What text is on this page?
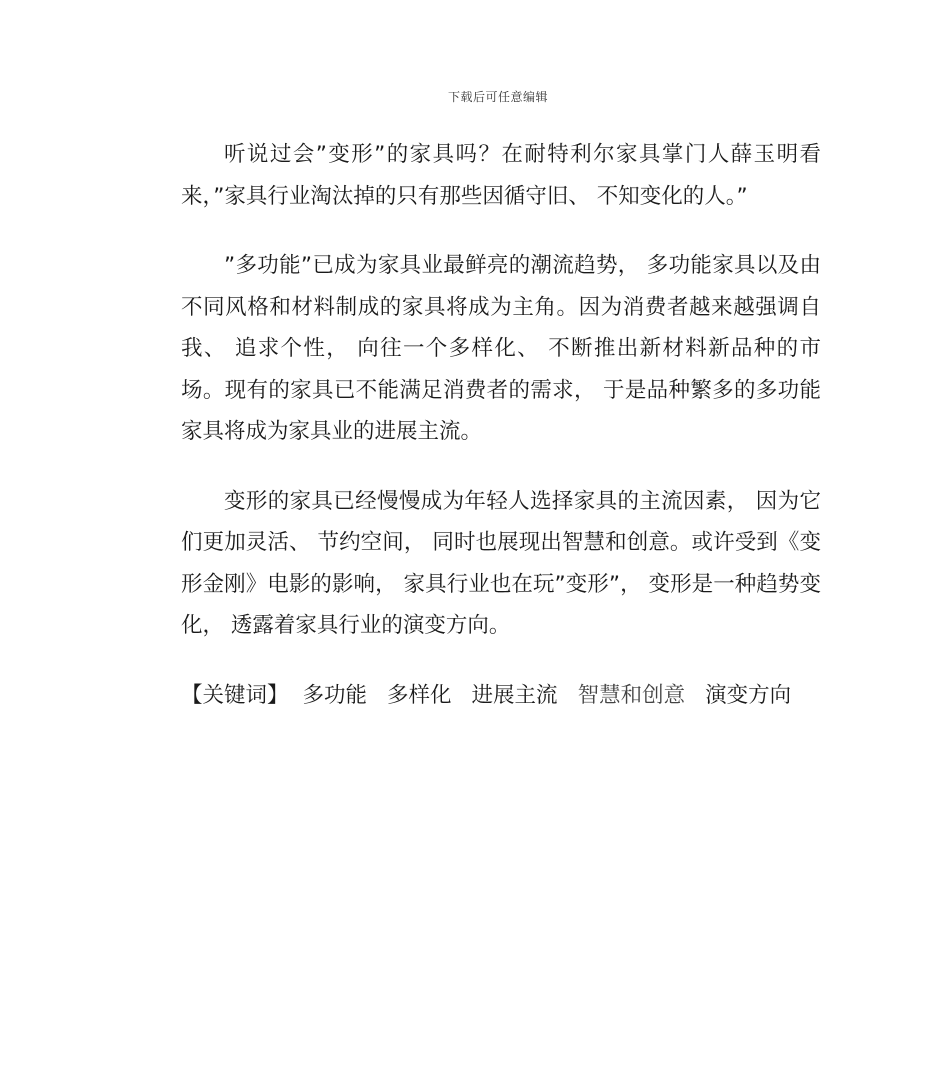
下载后可任意编辑

听说过会”变形”的家具吗？在耐特利尔家具掌门人薛玉明看来，”家具行业淘汰掉的只有那些因循守旧、 不知变化的人。”

”多功能”已成为家具业最鲜亮的潮流趋势， 多功能家具以及由不同风格和材料制成的家具将成为主角。因为消费者越来越强调自我、 追求个性， 向往一个多样化、 不断推出新材料新品种的市场。现有的家具已不能满足消费者的需求， 于是品种繁多的多功能家具将成为家具业的进展主流。

变形的家具已经慢慢成为年轻人选择家具的主流因素， 因为它们更加灵活、 节约空间， 同时也展现出智慧和创意。或许受到《变形金刚》电影的影响， 家具行业也在玩”变形”， 变形是一种趋势变化， 透露着家具行业的演变方向。

【关键词】 多功能 多样化 进展主流 智慧和创意 演变方向
